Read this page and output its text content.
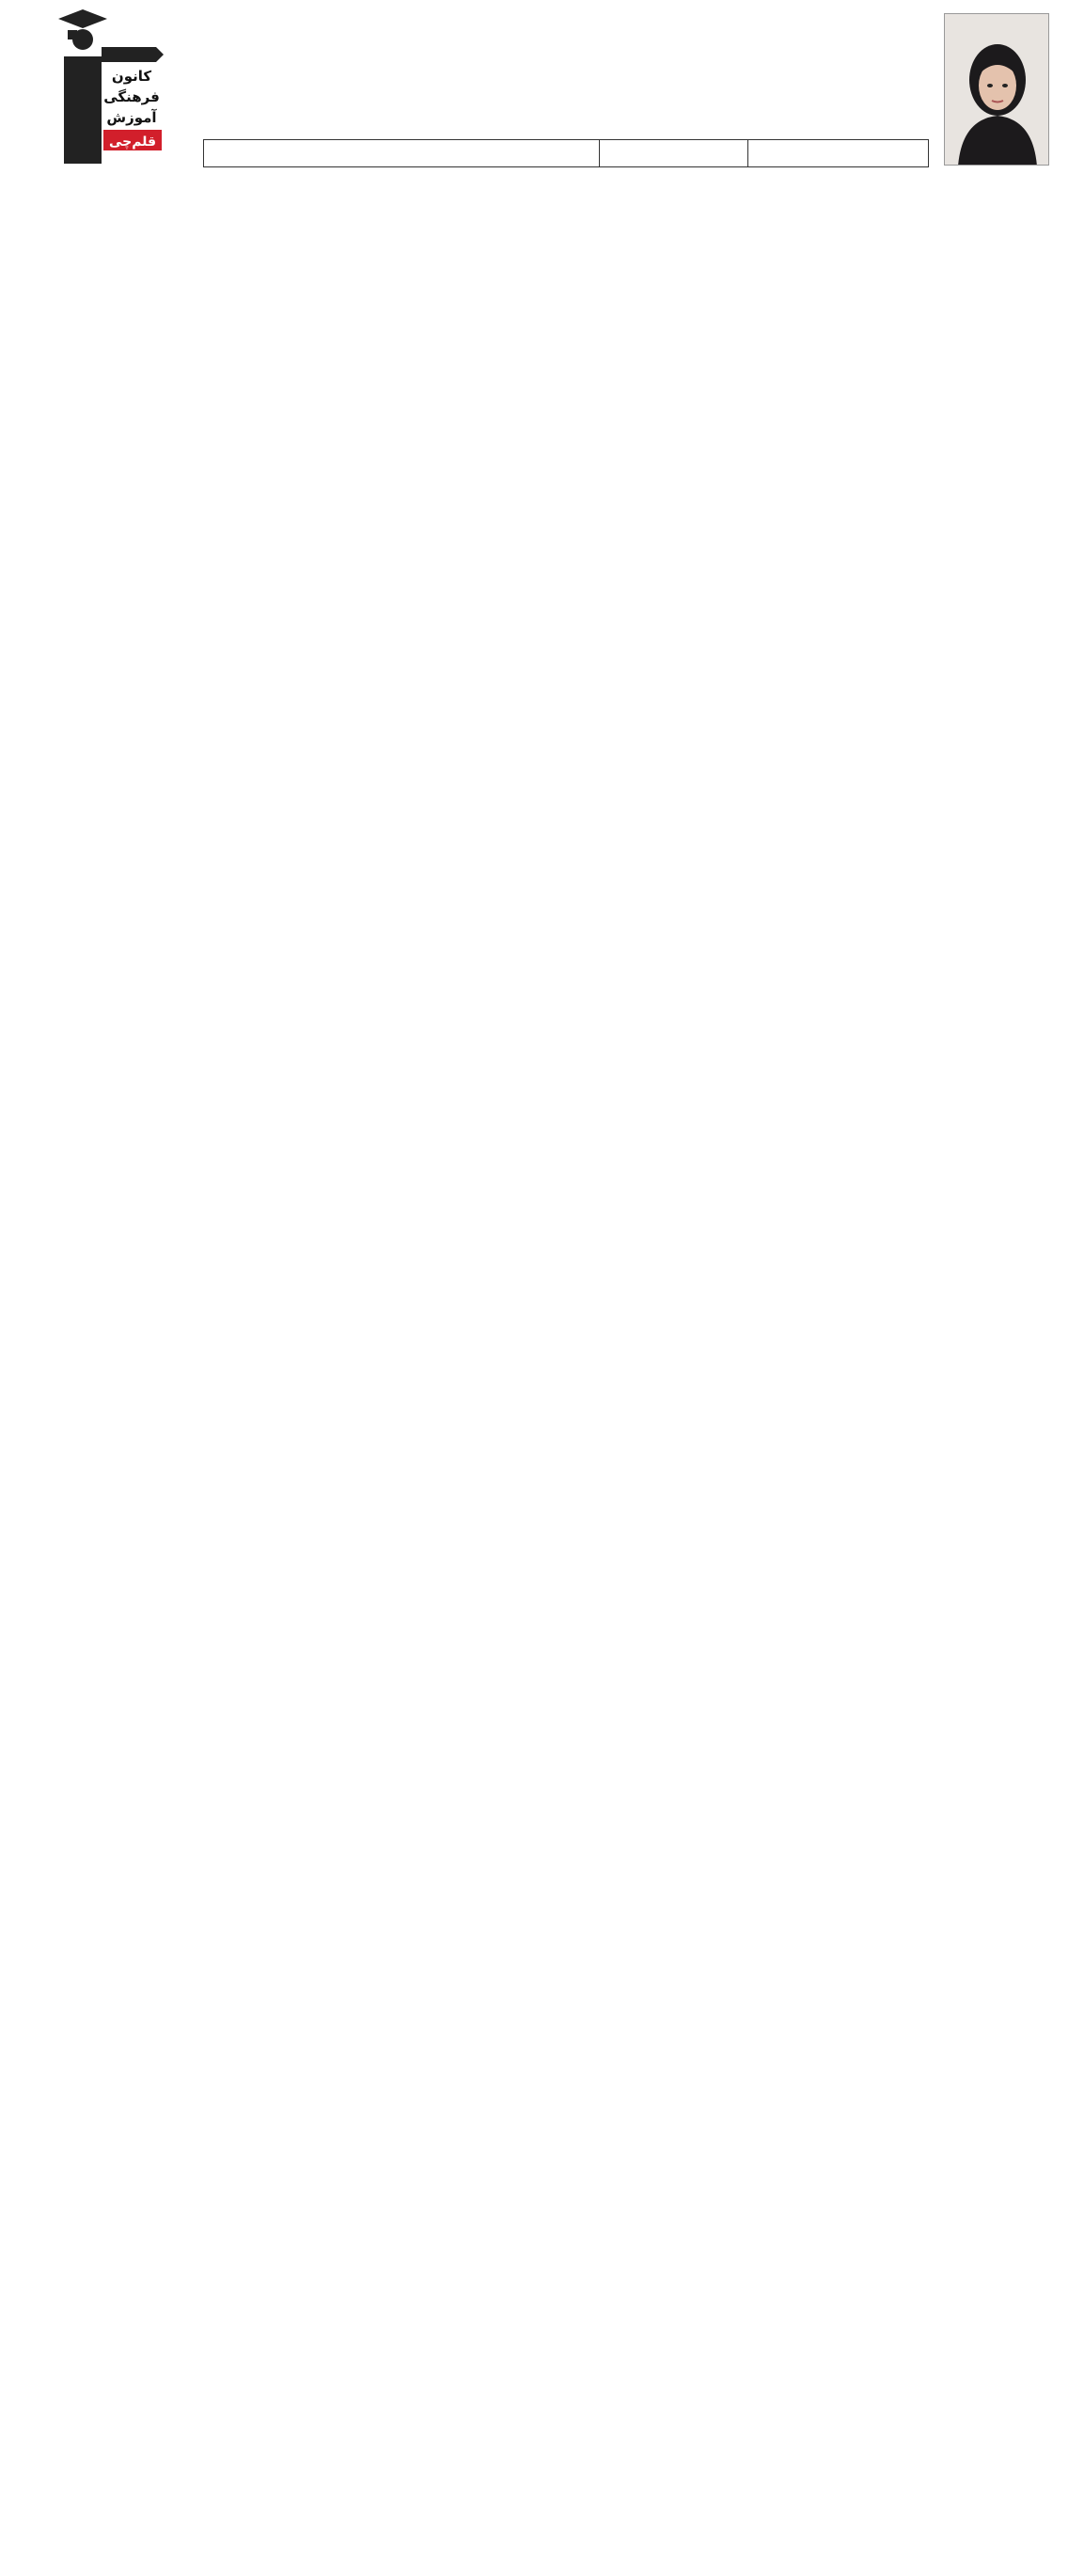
کانون
فرهنگی
آموزش
قلم‌چی
